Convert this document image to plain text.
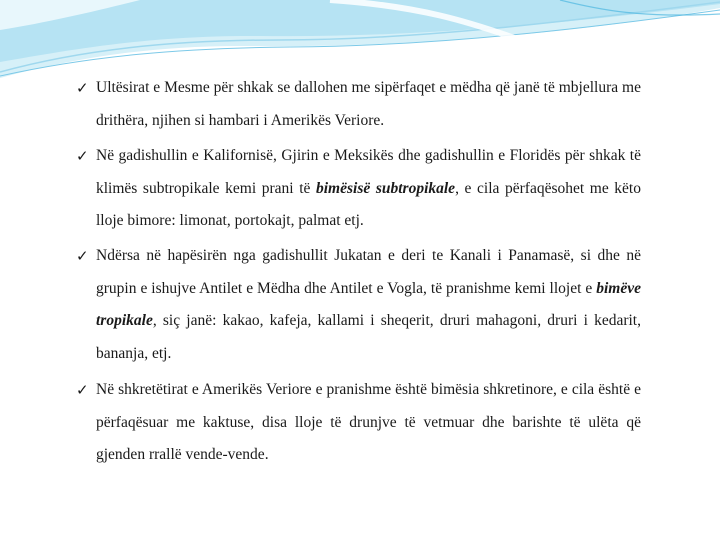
✓ Ultësirat e Mesme për shkak se dallohen me sipërfaqet e mëdha që janë të mbjellura me drithëra, njihen si hambari i Amerikës Veriore.
✓ Në gadishullin e Kalifornisë, Gjirin e Meksikës dhe gadishullin e Floridës për shkak të klimës subtropikale kemi prani të bimësisë subtropikale, e cila përfaqësohet me këto lloje bimore: limonat, portokajt, palmat etj.
✓ Ndërsa në hapësirën nga gadishullit Jukatan e deri te Kanali i Panamasë, si dhe në grupin e ishujve Antilet e Mëdha dhe Antilet e Vogla, të pranishme kemi llojet e bimëve tropikale, siç janë: kakao, kafeja, kallami i sheqerit, druri mahagoni, druri i kedarit, bananja, etj.
✓ Në shkretëtirat e Amerikës Veriore e pranishme është bimësia shkretinore, e cila është e përfaqësuar me kaktuse, disa lloje të drunjve të vetmuar dhe barishte të ulëta që gjenden rrallë vende-vende.
